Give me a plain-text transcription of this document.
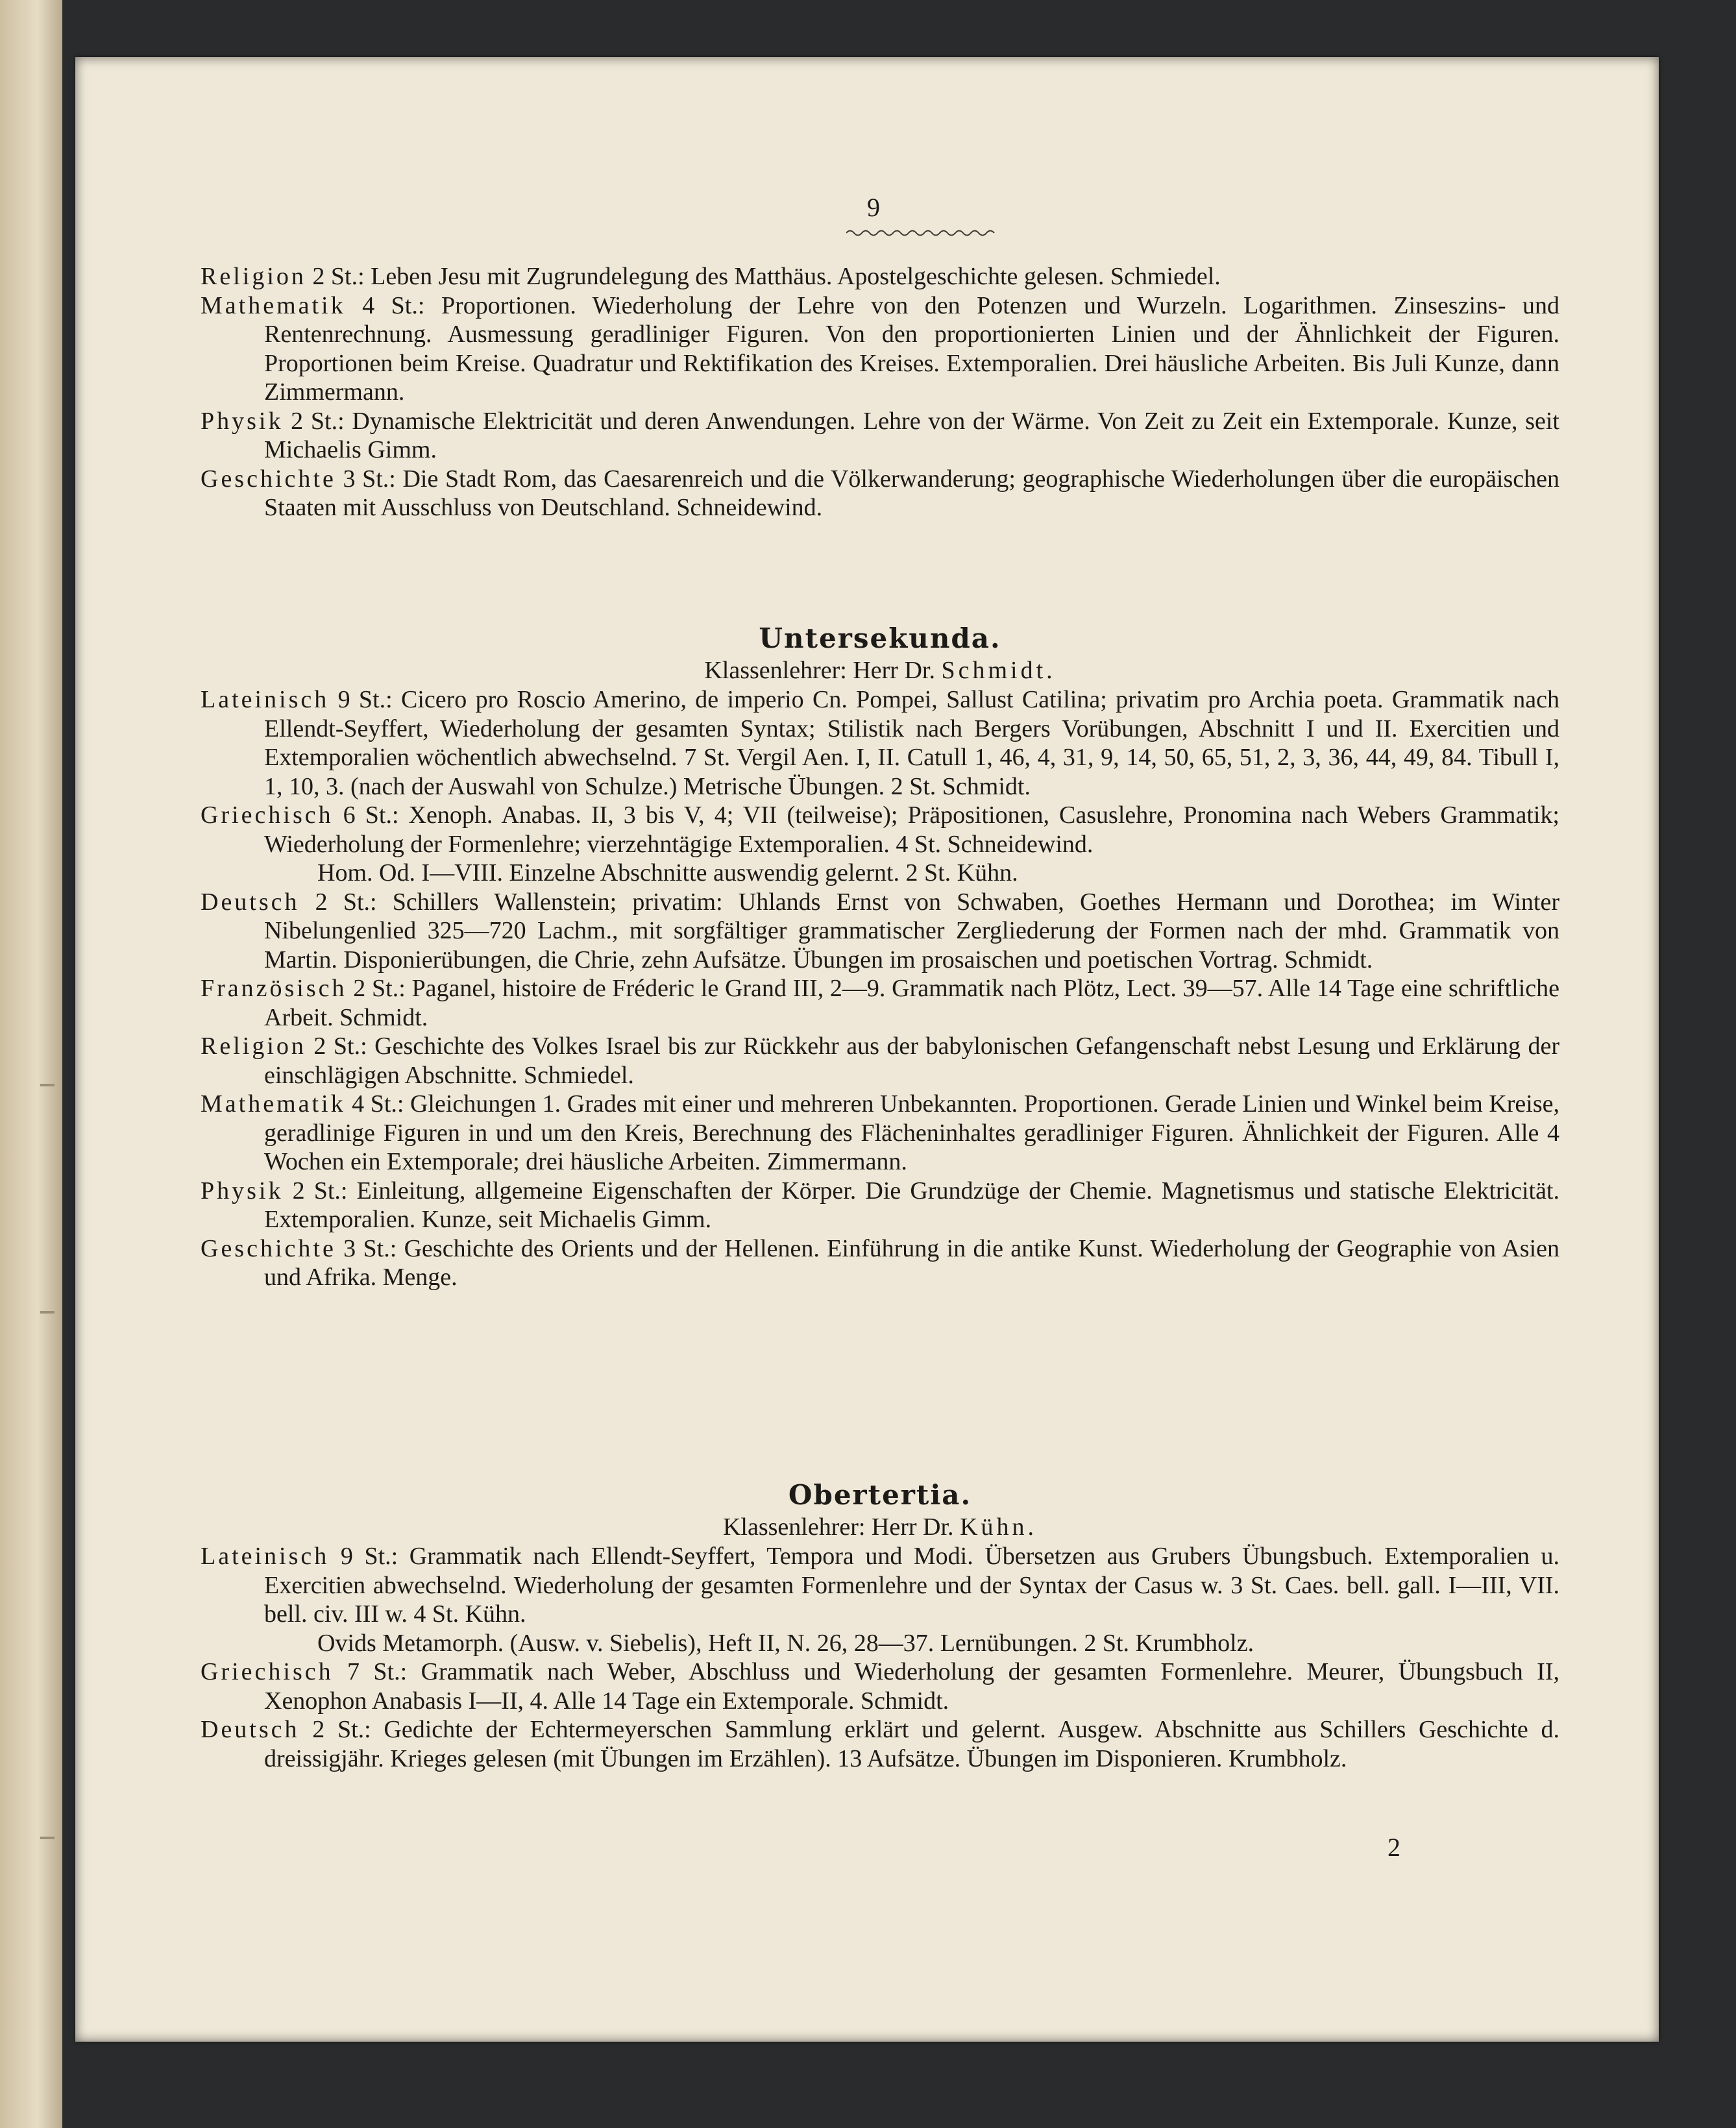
9

Religion 2 St.: Leben Jesu mit Zugrundelegung des Matthäus. Apostelgeschichte gelesen. Schmiedel.

Mathematik 4 St.: Proportionen. Wiederholung der Lehre von den Potenzen und Wurzeln. Logarithmen. Zinseszins- und Rentenrechnung. Ausmessung geradliniger Figuren. Von den proportionierten Linien und der Ähnlichkeit der Figuren. Proportionen beim Kreise. Quadratur und Rektifikation des Kreises. Extemporalien. Drei häusliche Arbeiten. Bis Juli Kunze, dann Zimmermann.

Physik 2 St.: Dynamische Elektricität und deren Anwendungen. Lehre von der Wärme. Von Zeit zu Zeit ein Extemporale. Kunze, seit Michaelis Gimm.

Geschichte 3 St.: Die Stadt Rom, das Caesarenreich und die Völkerwanderung; geographische Wiederholungen über die europäischen Staaten mit Ausschluss von Deutschland. Schneidewind.

Untersekunda.

Klassenlehrer: Herr Dr. Schmidt.

Lateinisch 9 St.: Cicero pro Roscio Amerino, de imperio Cn. Pompei, Sallust Catilina; privatim pro Archia poeta. Grammatik nach Ellendt-Seyffert, Wiederholung der gesamten Syntax; Stilistik nach Bergers Vorübungen, Abschnitt I und II. Exercitien und Extemporalien wöchentlich abwechselnd. 7 St. Vergil Aen. I, II. Catull 1, 46, 4, 31, 9, 14, 50, 65, 51, 2, 3, 36, 44, 49, 84. Tibull I, 1, 10, 3. (nach der Auswahl von Schulze.) Metrische Übungen. 2 St. Schmidt.

Griechisch 6 St.: Xenoph. Anabas. II, 3 bis V, 4; VII (teilweise); Präpositionen, Casuslehre, Pronomina nach Webers Grammatik; Wiederholung der Formenlehre; vierzehntägige Extemporalien. 4 St. Schneidewind.

Hom. Od. I—VIII. Einzelne Abschnitte auswendig gelernt. 2 St. Kühn.

Deutsch 2 St.: Schillers Wallenstein; privatim: Uhlands Ernst von Schwaben, Goethes Hermann und Dorothea; im Winter Nibelungenlied 325—720 Lachm., mit sorgfältiger grammatischer Zergliederung der Formen nach der mhd. Grammatik von Martin. Disponierübungen, die Chrie, zehn Aufsätze. Übungen im prosaischen und poetischen Vortrag. Schmidt.

Französisch 2 St.: Paganel, histoire de Fréderic le Grand III, 2—9. Grammatik nach Plötz, Lect. 39—57. Alle 14 Tage eine schriftliche Arbeit. Schmidt.

Religion 2 St.: Geschichte des Volkes Israel bis zur Rückkehr aus der babylonischen Gefangenschaft nebst Lesung und Erklärung der einschlägigen Abschnitte. Schmiedel.

Mathematik 4 St.: Gleichungen 1. Grades mit einer und mehreren Unbekannten. Proportionen. Gerade Linien und Winkel beim Kreise, geradlinige Figuren in und um den Kreis, Berechnung des Flächeninhaltes geradliniger Figuren. Ähnlichkeit der Figuren. Alle 4 Wochen ein Extemporale; drei häusliche Arbeiten. Zimmermann.

Physik 2 St.: Einleitung, allgemeine Eigenschaften der Körper. Die Grundzüge der Chemie. Magnetismus und statische Elektricität. Extemporalien. Kunze, seit Michaelis Gimm.

Geschichte 3 St.: Geschichte des Orients und der Hellenen. Einführung in die antike Kunst. Wiederholung der Geographie von Asien und Afrika. Menge.

Obertertia.

Klassenlehrer: Herr Dr. Kühn.

Lateinisch 9 St.: Grammatik nach Ellendt-Seyffert, Tempora und Modi. Übersetzen aus Grubers Übungsbuch. Extemporalien u. Exercitien abwechselnd. Wiederholung der gesamten Formenlehre und der Syntax der Casus w. 3 St. Caes. bell. gall. I—III, VII. bell. civ. III w. 4 St. Kühn.

Ovids Metamorph. (Ausw. v. Siebelis), Heft II, N. 26, 28—37. Lernübungen. 2 St. Krumbholz.

Griechisch 7 St.: Grammatik nach Weber, Abschluss und Wiederholung der gesamten Formenlehre. Meurer, Übungsbuch II, Xenophon Anabasis I—II, 4. Alle 14 Tage ein Extemporale. Schmidt.

Deutsch 2 St.: Gedichte der Echtermeyerschen Sammlung erklärt und gelernt. Ausgew. Abschnitte aus Schillers Geschichte d. dreissigjähr. Krieges gelesen (mit Übungen im Erzählen). 13 Aufsätze. Übungen im Disponieren. Krumbholz.

2
